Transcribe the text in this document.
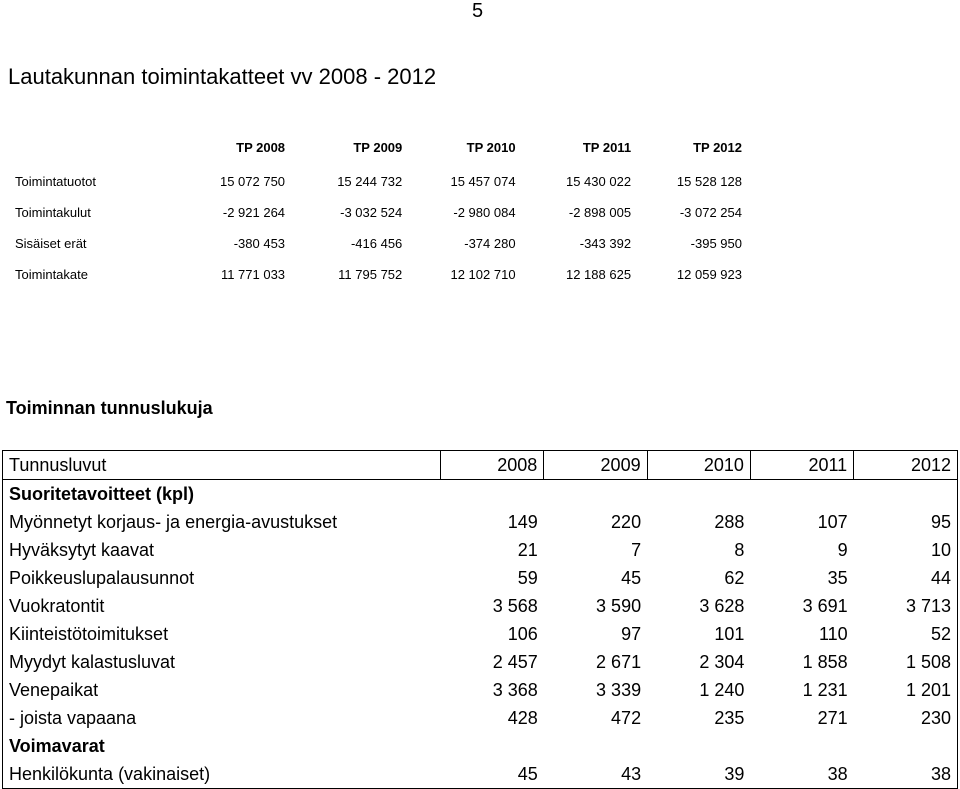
5
Lautakunnan toimintakatteet vv 2008 - 2012
	TP 2008	TP 2009	TP 2010	TP 2011	TP 2012
Toimintatuotot	15 072 750	15 244 732	15 457 074	15 430 022	15 528 128
Toimintakulut	-2 921 264	-3 032 524	-2 980 084	-2 898 005	-3 072 254
Sisäiset erät	-380 453	-416 456	-374 280	-343 392	-395 950
Toimintakate	11 771 033	11 795 752	12 102 710	12 188 625	12 059 923
Toiminnan tunnuslukuja
Tunnusluvut	2008	2009	2010	2011	2012
Suoritetavoitteet (kpl)					
Myönnetyt korjaus- ja energia-avustukset	149	220	288	107	95
Hyväksytyt kaavat	21	7	8	9	10
Poikkeuslupalausunnot	59	45	62	35	44
Vuokratontit	3 568	3 590	3 628	3 691	3 713
Kiinteistötoimitukset	106	97	101	110	52
Myydyt kalastusluvat	2 457	2 671	2 304	1 858	1 508
Venepaikat	3 368	3 339	1 240	1 231	1 201
- joista vapaana	428	472	235	271	230
Voimavarat					
Henkilökunta (vakinaiset)	45	43	39	38	38
